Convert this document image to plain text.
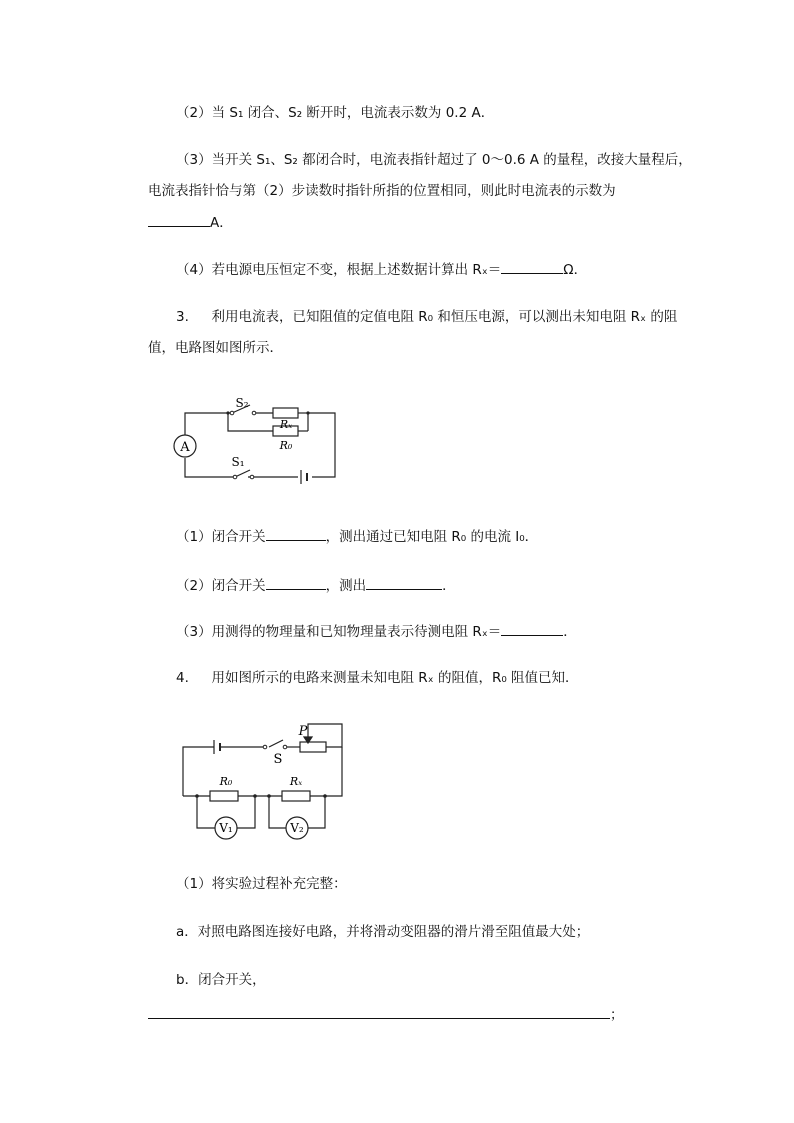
（2）当 S₁ 闭合、S₂ 断开时，电流表示数为 0.2 A．
（3）当开关 S₁、S₂ 都闭合时，电流表指针超过了 0～0.6 A 的量程，改接大量程后，
电流表指针恰与第（2）步读数时指针所指的位置相同，则此时电流表的示数为
A．
（4）若电源电压恒定不变，根据上述数据计算出 Rₓ＝	Ω．
3. 利用电流表，已知阻值的定值电阻 R₀ 和恒压电源，可以测出未知电阻 Rₓ 的阻
值，电路图如图所示．
A
S₂
Rₓ
R₀
S₁
（1）闭合开关	，测出通过已知电阻 R₀ 的电流 I₀．
（2）闭合开关	，测出	．
（3）用测得的物理量和已知物理量表示待测电阻 Rₓ＝	．
4. 用如图所示的电路来测量未知电阻 Rₓ 的阻值，R₀ 阻值已知．
V₁	V₂
P
S
R₀	Rₓ
（1）将实验过程补充完整：
a．对照电路图连接好电路，并将滑动变阻器的滑片滑至阻值最大处；
b．闭合开关，
；
